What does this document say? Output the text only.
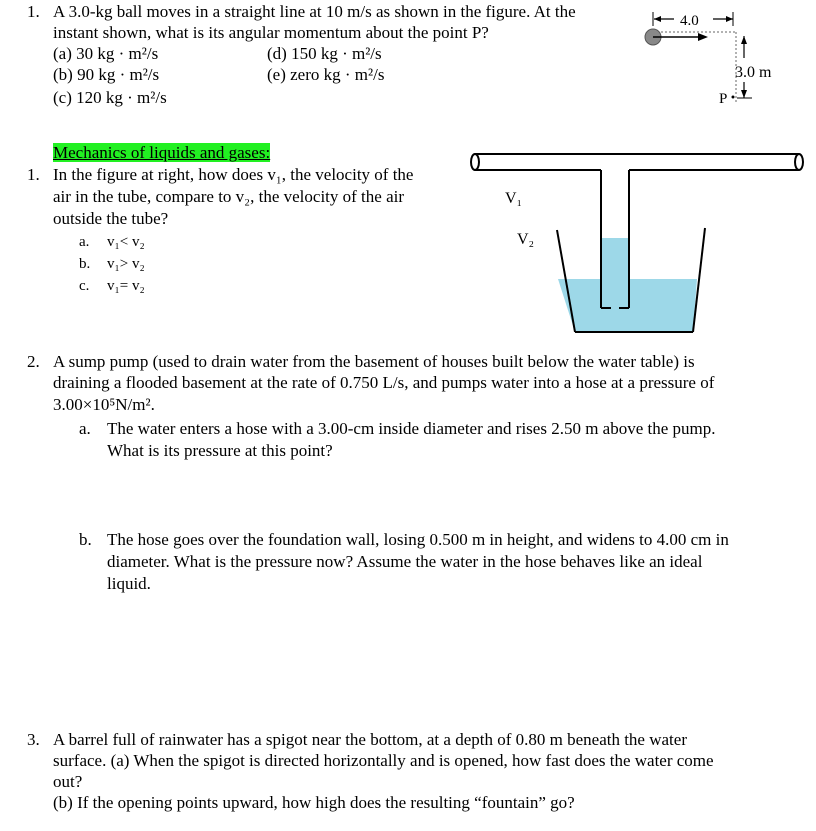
1. A 3.0-kg ball moves in a straight line at 10 m/s as shown in the figure. At the
instant shown, what is its angular momentum about the point P?
(a) 30 kg · m²/s	(d) 150 kg · m²/s
(b) 90 kg · m²/s	(e) zero kg · m²/s
(c) 120 kg · m²/s
4.0
3.0 m
P
Mechanics of liquids and gases:
1. In the figure at right, how does v₁, the velocity of the
air in the tube, compare to v₂, the velocity of the air
outside the tube?
a. v₁< v₂
b. v₁> v₂
c. v₁= v₂
V₁
V₂
2. A sump pump (used to drain water from the basement of houses built below the water table) is
draining a flooded basement at the rate of 0.750 L/s, and pumps water into a hose at a pressure of
3.00×10⁵N/m².
a. The water enters a hose with a 3.00-cm inside diameter and rises 2.50 m above the pump.
What is its pressure at this point?
b. The hose goes over the foundation wall, losing 0.500 m in height, and widens to 4.00 cm in
diameter. What is the pressure now? Assume the water in the hose behaves like an ideal
liquid.
3. A barrel full of rainwater has a spigot near the bottom, at a depth of 0.80 m beneath the water
surface. (a) When the spigot is directed horizontally and is opened, how fast does the water come
out?
(b) If the opening points upward, how high does the resulting “fountain” go?
